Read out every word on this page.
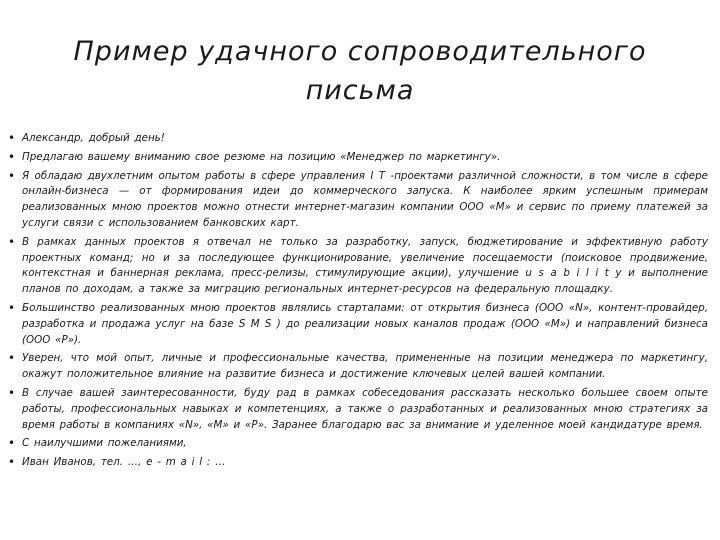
Пример удачного сопроводительного письма
• Александр, добрый день!
• Предлагаю вашему вниманию свое резюме на позицию «Менеджер по маркетингу».
• Я обладаю двухлетним опытом работы в сфере управления I T -проектами различной сложности, в том числе в сфере онлайн-бизнеса — от формирования идеи до коммерческого запуска. К наиболее ярким успешным примерам реализованных мною проектов можно отнести интернет-магазин компании ООО «М» и сервис по приему платежей за услуги связи с использованием банковских карт.
• В рамках данных проектов я отвечал не только за разработку, запуск, бюджетирование и эффективную работу проектных команд; но и за последующее функционирование, увеличение посещаемости (поисковое продвижение, контекстная и баннерная реклама, пресс-релизы, стимулирующие акции), улучшение u s a b i l i t y и выполнение планов по доходам, а также за миграцию региональных интернет-ресурсов на федеральную площадку.
• Большинство реализованных мною проектов являлись стартапами: от открытия бизнеса (ООО «N», контент-провайдер, разработка и продажа услуг на базе S M S ) до реализации новых каналов продаж (ООО «М») и направлений бизнеса (ООО «Р»).
• Уверен, что мой опыт, личные и профессиональные качества, примененные на позиции менеджера по маркетингу, окажут положительное влияние на развитие бизнеса и достижение ключевых целей вашей компании.
• В случае вашей заинтересованности, буду рад в рамках собеседования рассказать несколько большее своем опыте работы, профессиональных навыках и компетенциях, а также о разработанных и реализованных мною стратегиях за время работы в компаниях «N», «M» и «P». Заранее благодарю вас за внимание и уделенное моей кандидатуре время.
• С наилучшими пожеланиями,
• Иван Иванов, тел. …, e - m a i l : …
